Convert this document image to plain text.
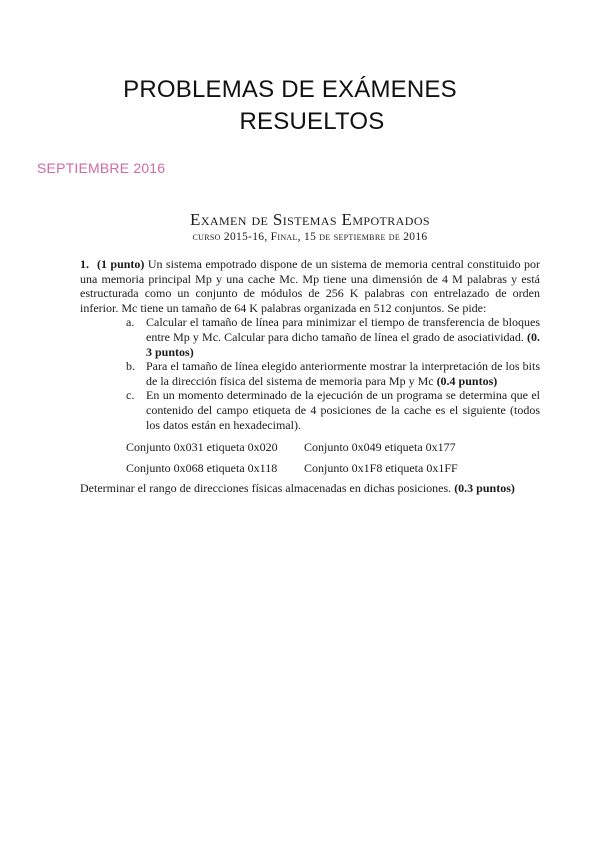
PROBLEMAS DE EXÁMENES
RESUELTOS
SEPTIEMBRE 2016
Examen de Sistemas Empotrados
curso 2015-16, Final, 15 de septiembre de 2016
1. (1 punto) Un sistema empotrado dispone de un sistema de memoria central constituido por una memoria principal Mp y una cache Mc. Mp tiene una dimensión de 4 M palabras y está estructurada como un conjunto de módulos de 256 K palabras con entrelazado de orden inferior. Mc tiene un tamaño de 64 K palabras organizada en 512 conjuntos. Se pide:
a. Calcular el tamaño de línea para minimizar el tiempo de transferencia de bloques entre Mp y Mc. Calcular para dicho tamaño de línea el grado de asociatividad. (0. 3 puntos)
b. Para el tamaño de línea elegido anteriormente mostrar la interpretación de los bits de la dirección física del sistema de memoria para Mp y Mc (0.4 puntos)
c. En un momento determinado de la ejecución de un programa se determina que el contenido del campo etiqueta de 4 posiciones de la cache es el siguiente (todos los datos están en hexadecimal).
Conjunto 0x031 etiqueta 0x020	Conjunto 0x049 etiqueta 0x177
Conjunto 0x068 etiqueta 0x118	Conjunto 0x1F8 etiqueta 0x1FF
Determinar el rango de direcciones físicas almacenadas en dichas posiciones. (0.3 puntos)
